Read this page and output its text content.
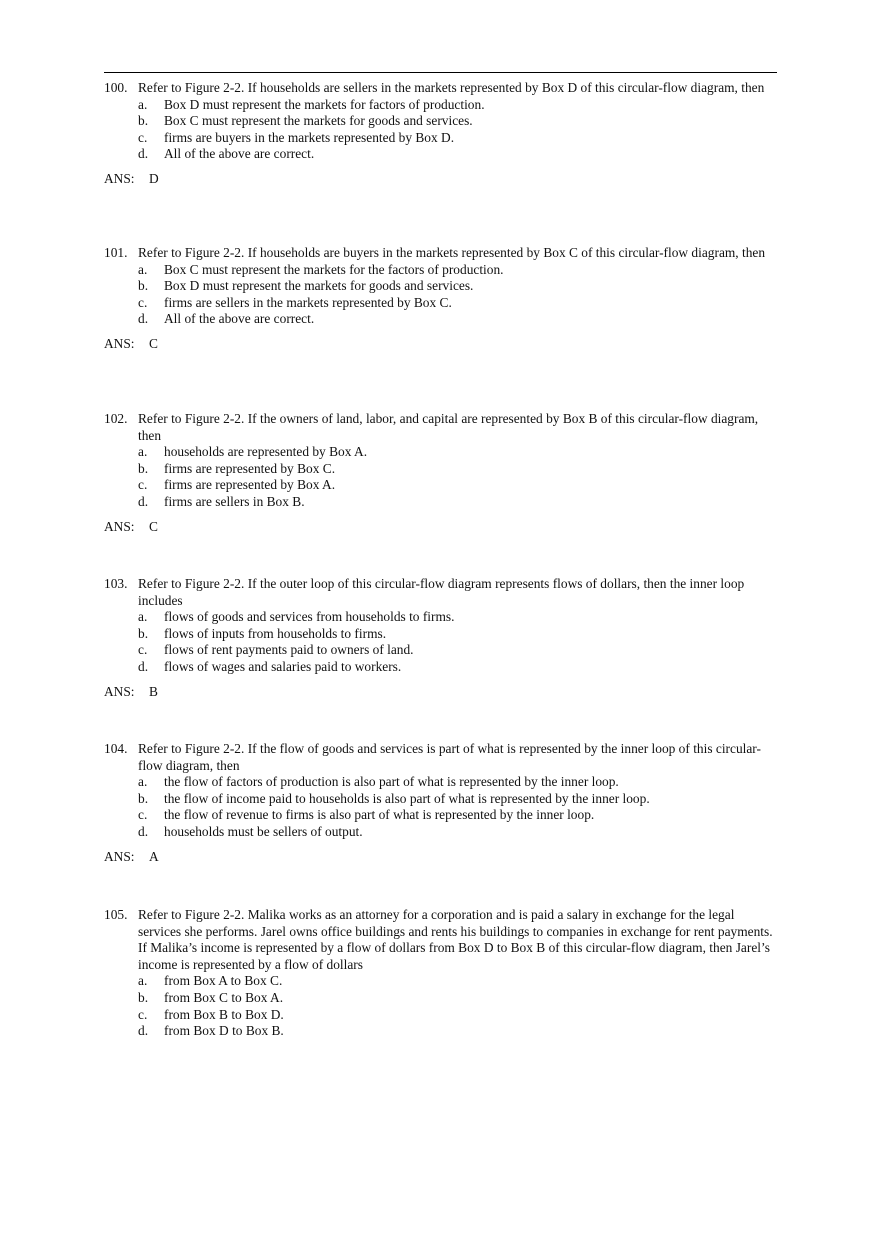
100. Refer to Figure 2-2. If households are sellers in the markets represented by Box D of this circular-flow diagram, then
a.	Box D must represent the markets for factors of production.
b.	Box C must represent the markets for goods and services.
c.	firms are buyers in the markets represented by Box D.
d.	All of the above are correct.
ANS:	D
101. Refer to Figure 2-2. If households are buyers in the markets represented by Box C of this circular-flow diagram, then
a.	Box C must represent the markets for the factors of production.
b.	Box D must represent the markets for goods and services.
c.	firms are sellers in the markets represented by Box C.
d.	All of the above are correct.
ANS:	C
102. Refer to Figure 2-2. If the owners of land, labor, and capital are represented by Box B of this circular-flow diagram, then
a.	households are represented by Box A.
b.	firms are represented by Box C.
c.	firms are represented by Box A.
d.	firms are sellers in Box B.
ANS:	C
103. Refer to Figure 2-2. If the outer loop of this circular-flow diagram represents flows of dollars, then the inner loop includes
a.	flows of goods and services from households to firms.
b.	flows of inputs from households to firms.
c.	flows of rent payments paid to owners of land.
d.	flows of wages and salaries paid to workers.
ANS:	B
104. Refer to Figure 2-2. If the flow of goods and services is part of what is represented by the inner loop of this circular-flow diagram, then
a.	the flow of factors of production is also part of what is represented by the inner loop.
b.	the flow of income paid to households is also part of what is represented by the inner loop.
c.	the flow of revenue to firms is also part of what is represented by the inner loop.
d.	households must be sellers of output.
ANS:	A
105. Refer to Figure 2-2. Malika works as an attorney for a corporation and is paid a salary in exchange for the legal services she performs. Jarel owns office buildings and rents his buildings to companies in exchange for rent payments. If Malika’s income is represented by a flow of dollars from Box D to Box B of this circular-flow diagram, then Jarel’s income is represented by a flow of dollars
a.	from Box A to Box C.
b.	from Box C to Box A.
c.	from Box B to Box D.
d.	from Box D to Box B.
